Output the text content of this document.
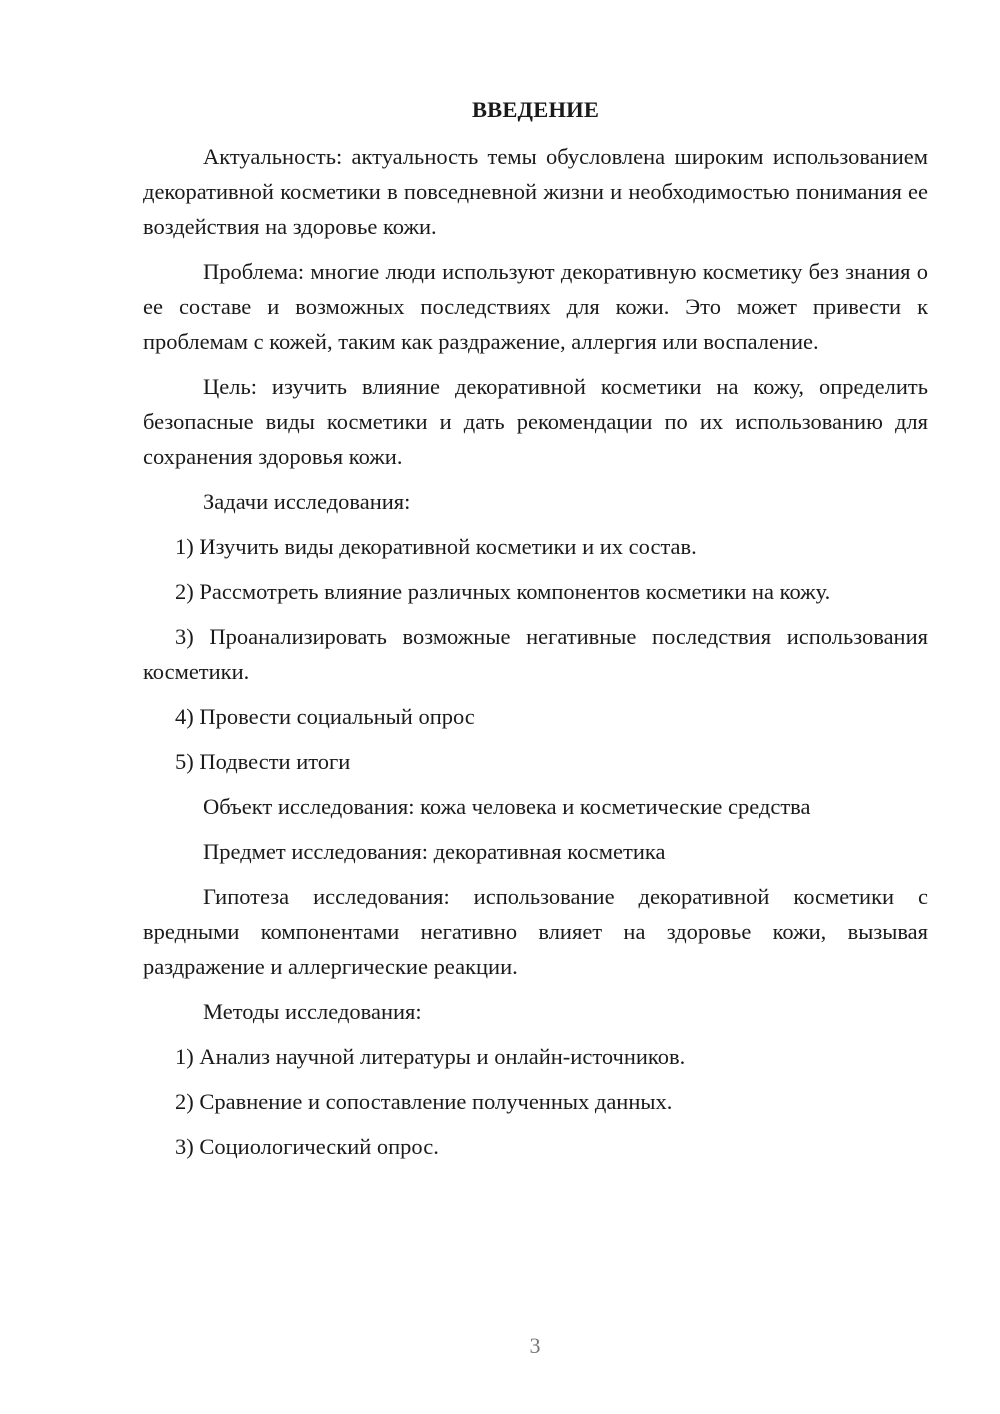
ВВЕДЕНИЕ
Актуальность: актуальность темы обусловлена широким использованием декоративной косметики в повседневной жизни и необходимостью понимания ее воздействия на здоровье кожи.
Проблема: многие люди используют декоративную косметику без знания о ее составе и возможных последствиях для кожи. Это может привести к проблемам с кожей, таким как раздражение, аллергия или воспаление.
Цель: изучить влияние декоративной косметики на кожу, определить безопасные виды косметики и дать рекомендации по их использованию для сохранения здоровья кожи.
Задачи исследования:
1) Изучить виды декоративной косметики и их состав.
2) Рассмотреть влияние различных компонентов косметики на кожу.
3) Проанализировать возможные негативные последствия использования косметики.
4) Провести социальный опрос
5) Подвести итоги
Объект исследования: кожа человека и косметические средства
Предмет исследования: декоративная косметика
Гипотеза исследования: использование декоративной косметики с вредными компонентами негативно влияет на здоровье кожи, вызывая раздражение и аллергические реакции.
Методы исследования:
1) Анализ научной литературы и онлайн-источников.
2) Сравнение и сопоставление полученных данных.
3) Социологический опрос.
3
